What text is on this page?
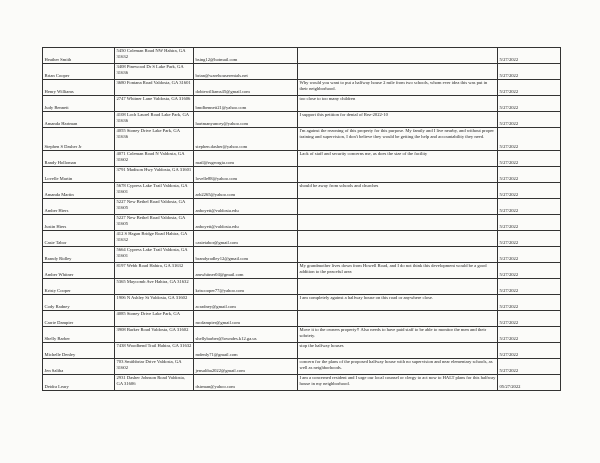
Heather Smith	5450 Coleman Road NW Hahira, GA 31632	bsing12@hotmail.com		5/27/2022
Brian Cooper	3408 Pinewood Dr S Lake Park, GA 31636	brian@warehouserentals.net		5/27/2022
Henry Williams	3680 Fontana Road Valdosta, GA 31601	dobiewilliams45@gmail.com	Why would you want to put a halfway house 2 mile from two schools, whom ever idea this was put in their neighborhood.	5/27/2022
Judy Bennett	2747 Whitner Lane Valdosta, GA 31606	bmdbennett21@yahoo.com	too close to too many children	5/27/2022
Amanda Hartman	4108 Loch Laurel Road Lake Park, GA 31636	hartmanyancey@yahoo.com	I support this petition for denial of Rez-2022-10	5/27/2022
Stephen S Dasher Jr	4055 Stoney Drive Lake Park, GA 31636	stephen.dasher@yahoo.com	I'm against the rezoning of this property for this purpose. My family and I live nearby, and without proper training and supervision, I don't believe they would be getting the help and accountability they need.	5/27/2022
Randy Holloman	4071 Coleman Road N Valdosta, GA 31602	mail@rsgeorgia.com	Lack of staff and security concerns me, as does the size of the facility	5/27/2022
Lovelle Martin	3791 Madison Hwy Valdosta, GA 31601	lovelle88@yahoo.com		5/27/2022
Amanda Martin	5678 Cypress Lake Trail Valdosta, GA 31601	arb2265@yahoo.com	should be away from schools and churches	5/27/2022
Amber Hiers	5227 New Bethel Road Valdosta, GA 31605	anboyett@valdosta.edu		5/27/2022
Justin Hiers	5227 New Bethel Road Valdosta, GA 31605	anboyett@valdosta.edu		5/27/2022
Casie Tabor	412 S Hagan Bridge Road Hahira, GA 31632	casietabor@gmail.com		5/27/2022
Brandy Ridley	5664 Cypress Lake Trail Valdosta, GA 31601	brandyradley12@gmail.com		5/27/2022
Amber Whitner	8197 Webb Road Hahira, GA 31632	amwhitner04@gmail.com	My grandmother lives down from Howell Road, and I do not think this development would be a good addition to the peaceful area	5/27/2022
Kristy Cooper	5365 Maycomb Ave Hahira, GA 31632	kriscooper77@yahoo.com		5/27/2022
Cody Radney	1906 N Ashley St Valdosta, GA 31602	acradney@gmail.com	I am completely against a halfway house on this road or anywhere close.	5/27/2022
Carrie Dampier	4085 Stoney Drive Lake Park, GA	mcdampier@gmail.com		5/27/2022
Shelly Barber	3908 Barker Road Valdosta, GA 31602	shellybarber@lowndes.k12.ga.us	Move it to the owners property!! Also needs to have paid staff to be able to monitor the men and their sobriety.	5/27/2022
Michelle Denley	7438 Woodbend Trail Hahira, GA 31632	mdenly71@gmail.com	stop the halfway houses	5/27/2022
Jen Saliba	703 Smithbriar Drive Valdosta, GA 31602	jensaliba2022@gmail.com	concern for the plans of the proposed halfway house with no supervision and near elementary schools, as well as neighborhoods.	5/27/2022
Deidra Leary	2931 Dasher Johnson Road Valdosta, GA 31606	dsirman@yahoo.com	I am a concerned resident and I urge our local counsel or clergy to act now to HALT plans for this halfway house in my neighborhood.	05/27/2022
